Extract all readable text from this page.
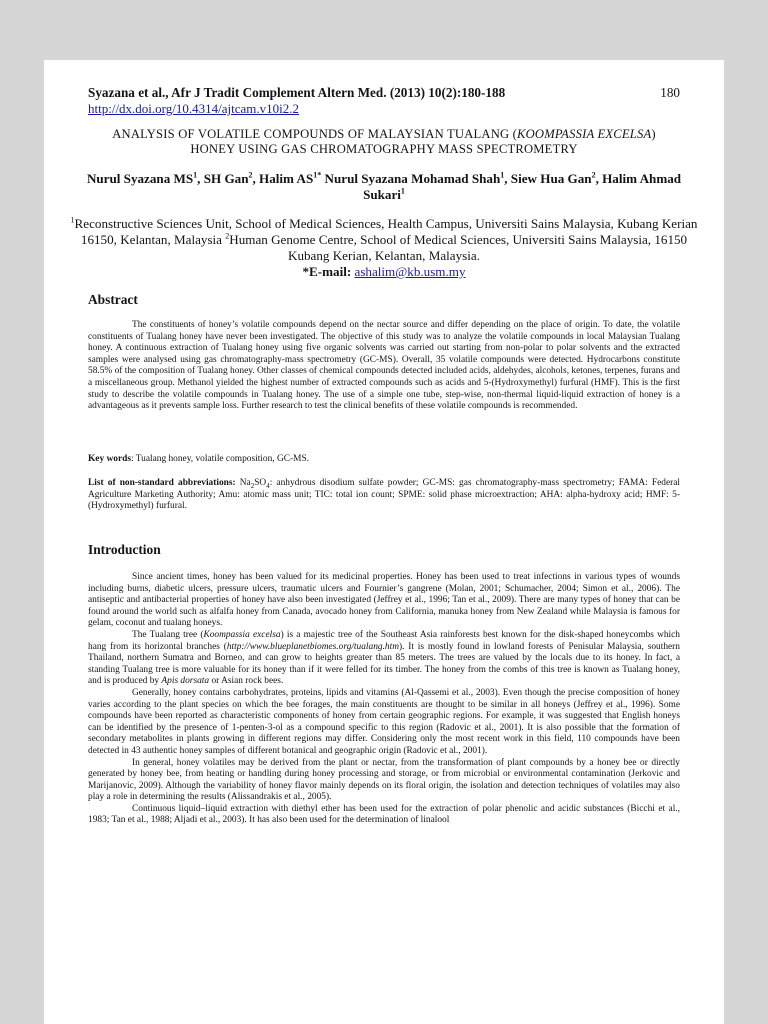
Syazana et al., Afr J Tradit Complement Altern Med. (2013) 10(2):180-188	180
http://dx.doi.org/10.4314/ajtcam.v10i2.2
ANALYSIS OF VOLATILE COMPOUNDS OF MALAYSIAN TUALANG (KOOMPASSIA EXCELSA)
HONEY USING GAS CHROMATOGRAPHY MASS SPECTROMETRY
Nurul Syazana $MS^1$, SH Gan$^2$, Halim $AS^{1*}$ Nurul Syazana Mohamad Shah$^1$, Siew Hua Gan$^2$, Halim Ahmad Sukari$^1$
$^1$Reconstructive Sciences Unit, School of Medical Sciences, Health Campus, Universiti Sains Malaysia, Kubang Kerian 16150, Kelantan, Malaysia $^2$Human Genome Centre, School of Medical Sciences, Universiti Sains Malaysia, 16150 Kubang Kerian, Kelantan, Malaysia.
*E-mail: ashalim@kb.usm.my
Abstract

The constituents of honey’s volatile compounds depend on the nectar source and differ depending on the place of origin. To date, the volatile constituents of Tualang honey have never been investigated. The objective of this study was to analyze the volatile compounds in local Malaysian Tualang honey. A continuous extraction of Tualang honey using five organic solvents was carried out starting from non-polar to polar solvents and the extracted samples were analysed using gas chromatography-mass spectrometry (GC-MS). Overall, 35 volatile compounds were detected. Hydrocarbons constitute 58.5% of the composition of Tualang honey. Other classes of chemical compounds detected included acids, aldehydes, alcohols, ketones, terpenes, furans and a miscellaneous group. Methanol yielded the highest number of extracted compounds such as acids and 5-(Hydroxymethyl) furfural (HMF). This is the first study to describe the volatile compounds in Tualang honey. The use of a simple one tube, step-wise, non-thermal liquid-liquid extraction of honey is a advantageous as it prevents sample loss. Further research to test the clinical benefits of these volatile compounds is recommended.

Key words: Tualang honey, volatile composition, GC-MS.

List of non-standard abbreviations: $Na_2SO_4$: anhydrous disodium sulfate powder; GC-MS: gas chromatography-mass spectrometry; FAMA: Federal Agriculture Marketing Authority; Amu: atomic mass unit; TIC: total ion count; SPME: solid phase microextraction; AHA: alpha-hydroxy acid; HMF: 5-(Hydroxymethyl) furfural.

Introduction

Since ancient times, honey has been valued for its medicinal properties. Honey has been used to treat infections in various types of wounds including burns, diabetic ulcers, pressure ulcers, traumatic ulcers and Fournier’s gangrene (Molan, 2001; Schumacher, 2004; Simon et al., 2006). The antiseptic and antibacterial properties of honey have also been investigated (Jeffrey et al., 1996; Tan et al., 2009). There are many types of honey that can be found around the world such as alfalfa honey from Canada, avocado honey from California, manuka honey from New Zealand while Malaysia is famous for gelam, coconut and tualang honeys.

The Tualang tree (Koompassia excelsa) is a majestic tree of the Southeast Asia rainforests best known for the disk-shaped honeycombs which hang from its horizontal branches (http://www.blueplanetbiomes.org/tualang.htm). It is mostly found in lowland forests of Penisular Malaysia, southern Thailand, northern Sumatra and Borneo, and can grow to heights greater than 85 meters. The trees are valued by the locals due to its honey. In fact, a standing Tualang tree is more valuable for its honey than if it were felled for its timber. The honey from the combs of this tree is known as Tualang honey, and is produced by Apis dorsata or Asian rock bees.

Generally, honey contains carbohydrates, proteins, lipids and vitamins (Al-Qassemi et al., 2003). Even though the precise composition of honey varies according to the plant species on which the bee forages, the main constituents are thought to be similar in all honeys (Jeffrey et al., 1996). Some compounds have been reported as characteristic components of honey from certain geographic regions. For example, it was suggested that English honeys can be identified by the presence of 1-penten-3-ol as a compound specific to this region (Radovic et al., 2001). It is also possible that the formation of secondary metabolites in plants growing in different regions may differ. Considering only the most recent work in this field, 110 compounds have been detected in 43 authentic honey samples of different botanical and geographic origin (Radovic et al., 2001).

In general, honey volatiles may be derived from the plant or nectar, from the transformation of plant compounds by a honey bee or directly generated by honey bee, from heating or handling during honey processing and storage, or from microbial or environmental contamination (Jerkovic and Marijanovic, 2009). Although the variability of honey flavor mainly depends on its floral origin, the isolation and detection techniques of volatiles may also play a role in determining the results (Alissandrakis et al., 2005).

Continuous liquid–liquid extraction with diethyl ether has been used for the extraction of polar phenolic and acidic substances (Bicchi et al., 1983; Tan et al., 1988; Aljadi et al., 2003). It has also been used for the determination of linalool
